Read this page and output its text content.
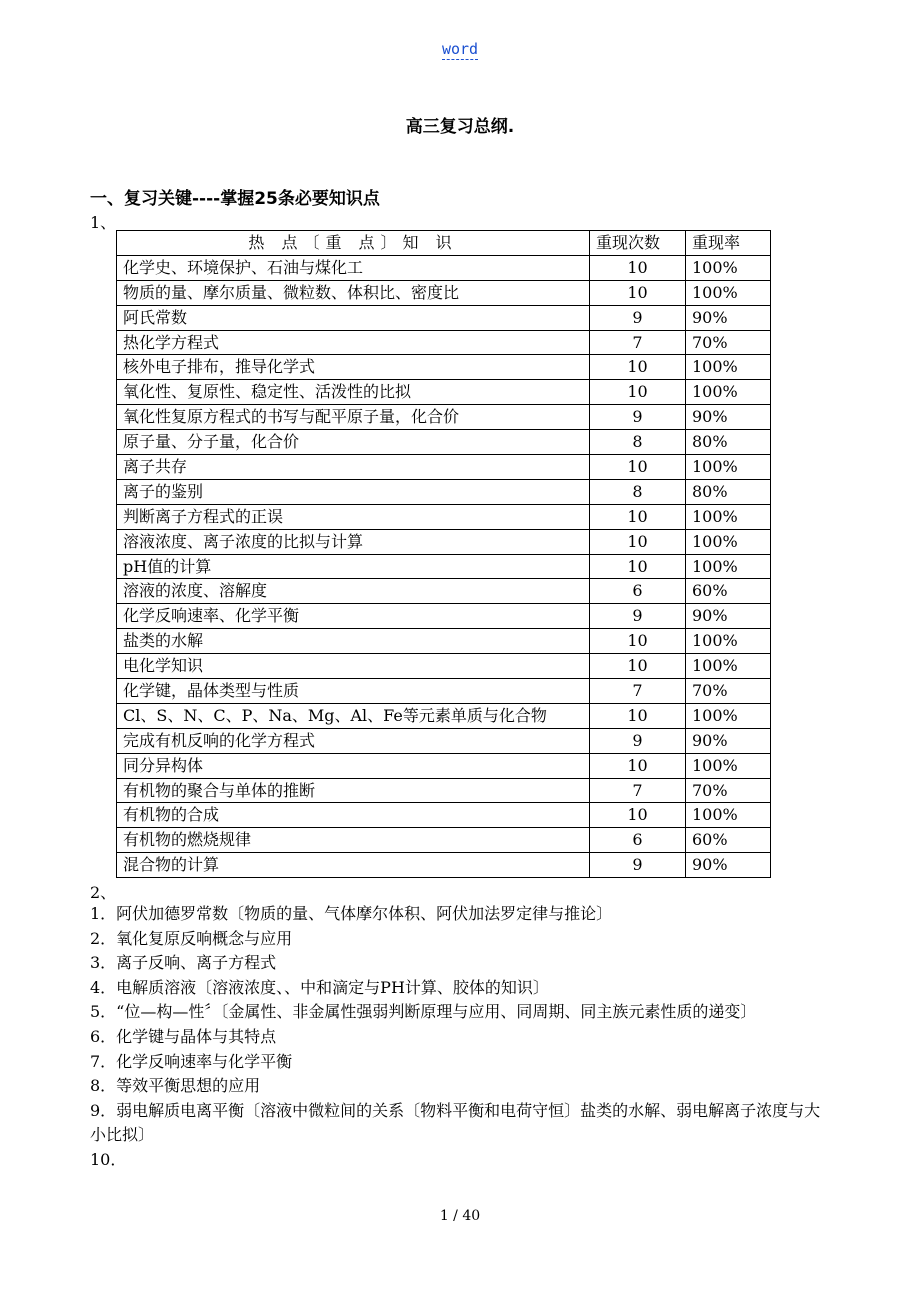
word
高三复习总纲.
一、复习关键----掌握25条必要知识点
1、
热 点〔重 点〕知 识	重现次数	重现率
化学史、环境保护、石油与煤化工	10	100%
物质的量、摩尔质量、微粒数、体积比、密度比	10	100%
阿氏常数	9	90%
热化学方程式	7	70%
核外电子排布，推导化学式	10	100%
氧化性、复原性、稳定性、活泼性的比拟	10	100%
氧化性复原方程式的书写与配平原子量，化合价	9	90%
原子量、分子量，化合价	8	80%
离子共存	10	100%
离子的鉴别	8	80%
判断离子方程式的正误	10	100%
溶液浓度、离子浓度的比拟与计算	10	100%
pH值的计算	10	100%
溶液的浓度、溶解度	6	60%
化学反响速率、化学平衡	9	90%
盐类的水解	10	100%
电化学知识	10	100%
化学键，晶体类型与性质	7	70%
Cl、S、N、C、P、Na、Mg、Al、Fe等元素单质与化合物	10	100%
完成有机反响的化学方程式	9	90%
同分异构体	10	100%
有机物的聚合与单体的推断	7	70%
有机物的合成	10	100%
有机物的燃烧规律	6	60%
混合物的计算	9	90%
2、
1．阿伏加德罗常数〔物质的量、气体摩尔体积、阿伏加法罗定律与推论〕
2．氧化复原反响概念与应用
3．离子反响、离子方程式
4．电解质溶液〔溶液浓度、、中和滴定与PH计算、胶体的知识〕
5．“位—构—性〞〔金属性、非金属性强弱判断原理与应用、同周期、同主族元素性质的递变〕
6．化学键与晶体与其特点
7．化学反响速率与化学平衡
8．等效平衡思想的应用
9．弱电解质电离平衡〔溶液中微粒间的关系〔物料平衡和电荷守恒〕盐类的水解、弱电解离子浓度与大小比拟〕
10．
1 / 40
